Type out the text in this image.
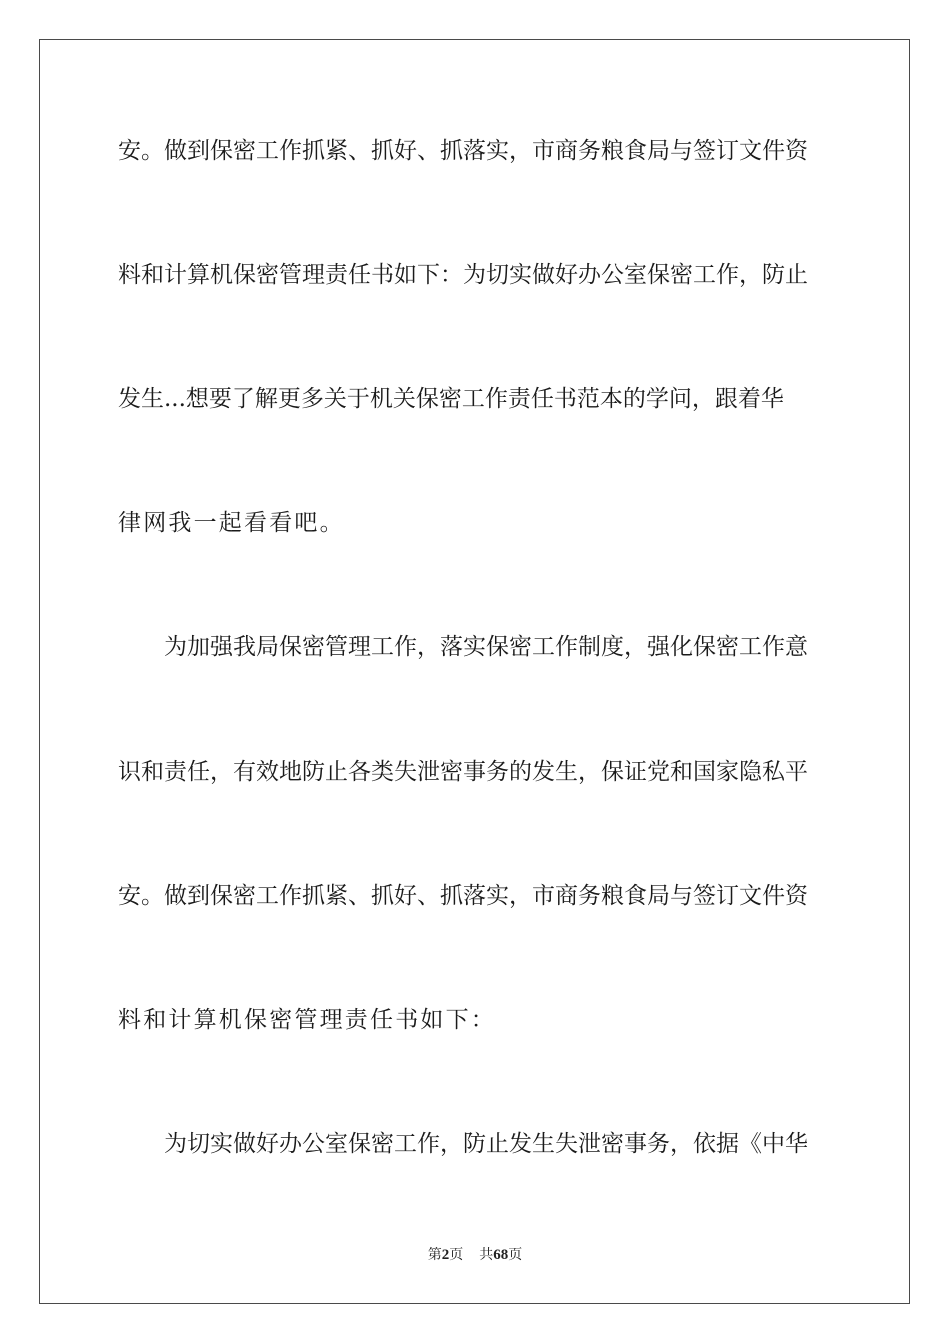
安。做到保密工作抓紧、抓好、抓落实，市商务粮食局与签订文件资
料和计算机保密管理责任书如下：为切实做好办公室保密工作，防止
发生...想要了解更多关于机关保密工作责任书范本的学问，跟着华
律网我一起看看吧。
为加强我局保密管理工作，落实保密工作制度，强化保密工作意
识和责任，有效地防止各类失泄密事务的发生，保证党和国家隐私平
安。做到保密工作抓紧、抓好、抓落实，市商务粮食局与签订文件资
料和计算机保密管理责任书如下：
为切实做好办公室保密工作，防止发生失泄密事务，依据《中华
第2页 共68页
